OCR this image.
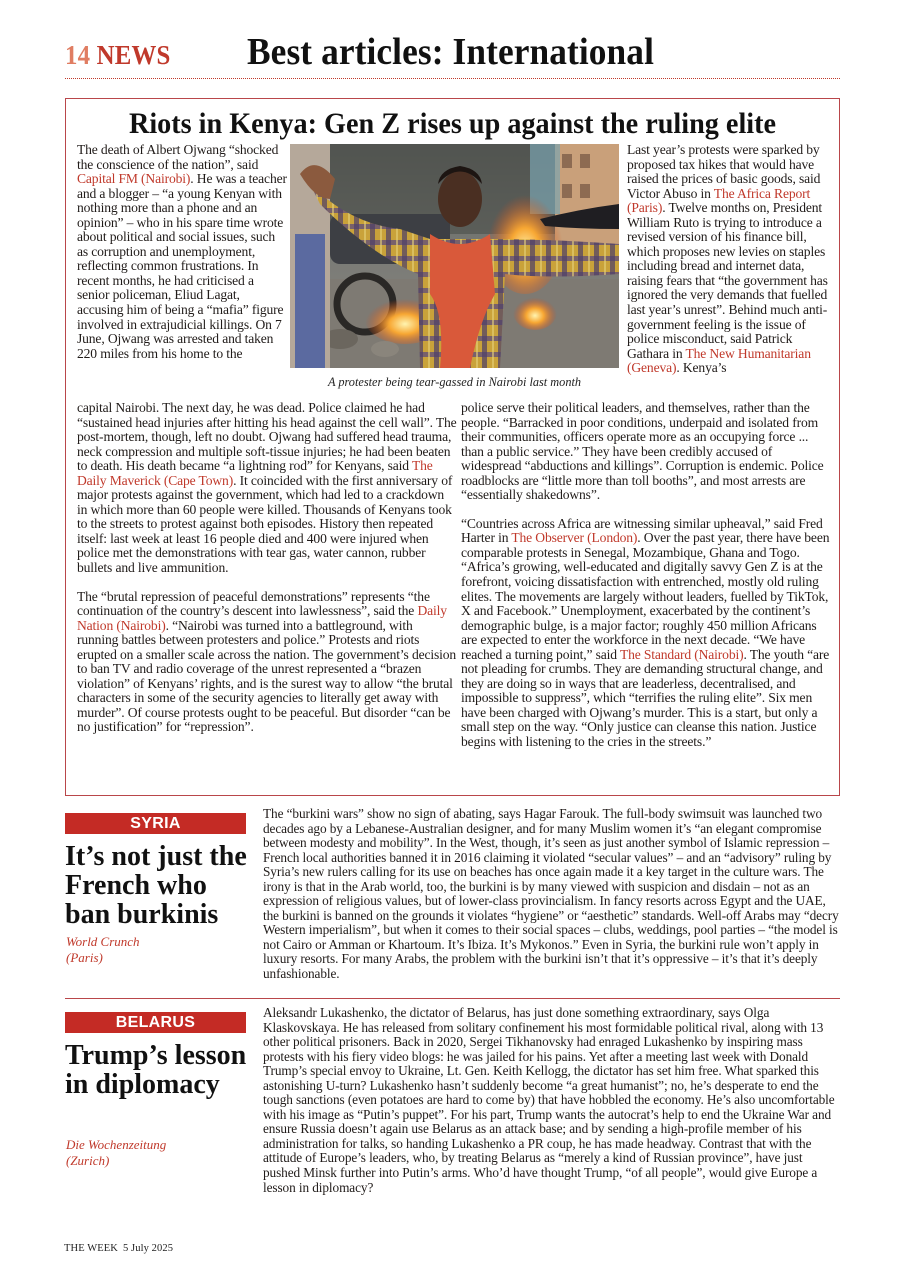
14 NEWS Best articles: International
Riots in Kenya: Gen Z rises up against the ruling elite
The death of Albert Ojwang “shocked the conscience of the nation”, said Capital FM (Nairobi). He was a teacher and a blogger – “a young Kenyan with nothing more than a phone and an opinion” – who in his spare time wrote about political and social issues, such as corruption and unemployment, reflecting common frustrations. In recent months, he had criticised a senior policeman, Eliud Lagat, accusing him of being a “mafia” figure involved in extrajudicial killings. On 7 June, Ojwang was arrested and taken 220 miles from his home to the
A protester being tear-gassed in Nairobi last month
Last year’s protests were sparked by proposed tax hikes that would have raised the prices of basic goods, said Victor Abuso in The Africa Report (Paris). Twelve months on, President William Ruto is trying to introduce a revised version of his finance bill, which proposes new levies on staples including bread and internet data, raising fears that “the government has ignored the very demands that fuelled last year’s unrest”. Behind much anti-government feeling is the issue of police misconduct, said Patrick Gathara in The New Humanitarian (Geneva). Kenya’s

capital Nairobi. The next day, he was dead. Police claimed he had “sustained head injuries after hitting his head against the cell wall”. The post-mortem, though, left no doubt. Ojwang had suffered head trauma, neck compression and multiple soft-tissue injuries; he had been beaten to death. His death became “a lightning rod” for Kenyans, said The Daily Maverick (Cape Town). It coincided with the first anniversary of major protests against the government, which had led to a crackdown in which more than 60 people were killed. Thousands of Kenyans took to the streets to protest against both episodes. History then repeated itself: last week at least 16 people died and 400 were injured when police met the demonstrations with tear gas, water cannon, rubber bullets and live ammunition.

The “brutal repression of peaceful demonstrations” represents “the continuation of the country’s descent into lawlessness”, said the Daily Nation (Nairobi). “Nairobi was turned into a battleground, with running battles between protesters and police.” Protests and riots erupted on a smaller scale across the nation. The government’s decision to ban TV and radio coverage of the unrest represented a “brazen violation” of Kenyans’ rights, and is the surest way to allow “the brutal characters in some of the security agencies to literally get away with murder”. Of course protests ought to be peaceful. But disorder “can be no justification” for “repression”.

police serve their political leaders, and themselves, rather than the people. “Barracked in poor conditions, underpaid and isolated from their communities, officers operate more as an occupying force ... than a public service.” They have been credibly accused of widespread “abductions and killings”. Corruption is endemic. Police roadblocks are “little more than toll booths”, and most arrests are “essentially shakedowns”.

“Countries across Africa are witnessing similar upheaval,” said Fred Harter in The Observer (London). Over the past year, there have been comparable protests in Senegal, Mozambique, Ghana and Togo. “Africa’s growing, well-educated and digitally savvy Gen Z is at the forefront, voicing dissatisfaction with entrenched, mostly old ruling elites. The movements are largely without leaders, fuelled by TikTok, X and Facebook.” Unemployment, exacerbated by the continent’s demographic bulge, is a major factor; roughly 450 million Africans are expected to enter the workforce in the next decade. “We have reached a turning point,” said The Standard (Nairobi). The youth “are not pleading for crumbs. They are demanding structural change, and they are doing so in ways that are leaderless, decentralised, and impossible to suppress”, which “terrifies the ruling elite”. Six men have been charged with Ojwang’s murder. This is a start, but only a small step on the way. “Only justice can cleanse this nation. Justice begins with listening to the cries in the streets.”

SYRIA
It’s not just the French who ban burkinis
World Crunch
(Paris)

The “burkini wars” show no sign of abating, says Hagar Farouk. The full-body swimsuit was launched two decades ago by a Lebanese-Australian designer, and for many Muslim women it’s “an elegant compromise between modesty and mobility”. In the West, though, it’s seen as just another symbol of Islamic repression – French local authorities banned it in 2016 claiming it violated “secular values” – and an “advisory” ruling by Syria’s new rulers calling for its use on beaches has once again made it a key target in the culture wars. The irony is that in the Arab world, too, the burkini is by many viewed with suspicion and disdain – not as an expression of religious values, but of lower-class provincialism. In fancy resorts across Egypt and the UAE, the burkini is banned on the grounds it violates “hygiene” or “aesthetic” standards. Well-off Arabs may “decry Western imperialism”, but when it comes to their social spaces – clubs, weddings, pool parties – “the model is not Cairo or Amman or Khartoum. It’s Ibiza. It’s Mykonos.” Even in Syria, the burkini rule won’t apply in luxury resorts. For many Arabs, the problem with the burkini isn’t that it’s oppressive – it’s that it’s deeply unfashionable.

BELARUS
Trump’s lesson in diplomacy
Die Wochenzeitung
(Zurich)

Aleksandr Lukashenko, the dictator of Belarus, has just done something extraordinary, says Olga Klaskovskaya. He has released from solitary confinement his most formidable political rival, along with 13 other political prisoners. Back in 2020, Sergei Tikhanovsky had enraged Lukashenko by inspiring mass protests with his fiery video blogs: he was jailed for his pains. Yet after a meeting last week with Donald Trump’s special envoy to Ukraine, Lt. Gen. Keith Kellogg, the dictator has set him free. What sparked this astonishing U-turn? Lukashenko hasn’t suddenly become “a great humanist”; no, he’s desperate to end the tough sanctions (even potatoes are hard to come by) that have hobbled the economy. He’s also uncomfortable with his image as “Putin’s puppet”. For his part, Trump wants the autocrat’s help to end the Ukraine War and ensure Russia doesn’t again use Belarus as an attack base; and by sending a high-profile member of his administration for talks, so handing Lukashenko a PR coup, he has made headway. Contrast that with the attitude of Europe’s leaders, who, by treating Belarus as “merely a kind of Russian province”, have just pushed Minsk further into Putin’s arms. Who’d have thought Trump, “of all people”, would give Europe a lesson in diplomacy?

THE WEEK 5 July 2025
